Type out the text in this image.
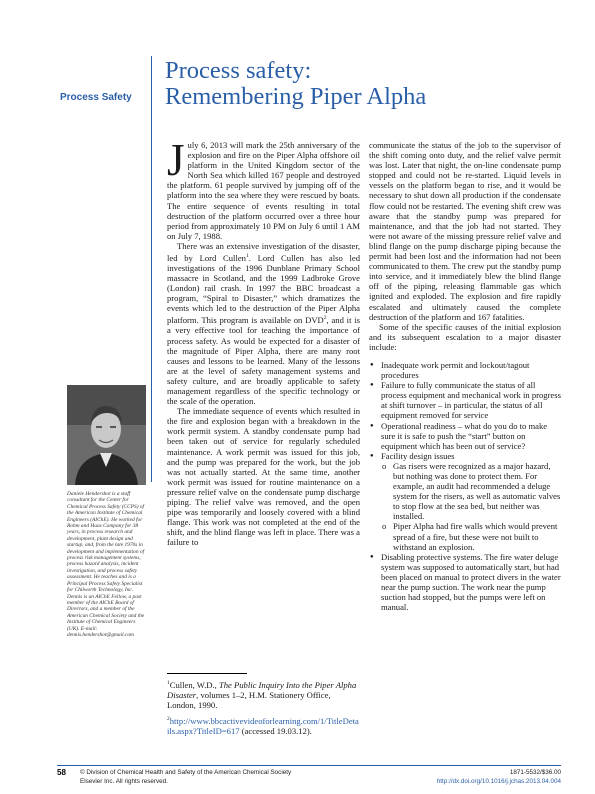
Process Safety
Process safety:
Remembering Piper Alpha

Daniele Hendershot is a staff consultant for the Center for Chemical Process Safety (CCPS) of the American Institute of Chemical Engineers (AIChE). He worked for Rohm and Haas Company for 38 years, in process research and development, plant design and startup, and, from the late 1970s in development and implementation of process risk management systems, process hazard analysis, incident investigation, and process safety assessment. He teaches and is a Principal Process Safety Specialist for Chilworth Technology, Inc. Dennis is an AIChE Fellow, a past member of the AIChE Board of Directors, and a member of the American Chemical Society and the Institute of Chemical Engineers (UK). E-mail: dennis.hendershot@gmail.com

July 6, 2013 will mark the 25th anniversary of the explosion and fire on the Piper Alpha offshore oil platform in the United Kingdom sector of the North Sea which killed 167 people and destroyed the platform. 61 people survived by jumping off of the platform into the sea where they were rescued by boats. The entire sequence of events resulting in total destruction of the platform occurred over a three hour period from approximately 10 PM on July 6 until 1 AM on July 7, 1988.

There was an extensive investigation of the disaster, led by Lord Cullen$^1$. Lord Cullen has also led investigations of the 1996 Dunblane Primary School massacre in Scotland, and the 1999 Ladbroke Grove (London) rail crash. In 1997 the BBC broadcast a program, “Spiral to Disaster,” which dramatizes the events which led to the destruction of the Piper Alpha platform. This program is available on DVD$^2$, and it is a very effective tool for teaching the importance of process safety. As would be expected for a disaster of the magnitude of Piper Alpha, there are many root causes and lessons to be learned. Many of the lessons are at the level of safety management systems and safety culture, and are broadly applicable to safety management regardless of the specific technology or the scale of the operation.

The immediate sequence of events which resulted in the fire and explosion began with a breakdown in the work permit system. A standby condensate pump had been taken out of service for regularly scheduled maintenance. A work permit was issued for this job, and the pump was prepared for the work, but the job was not actually started. At the same time, another work permit was issued for routine maintenance on a pressure relief valve on the condensate pump discharge piping. The relief valve was removed, and the open pipe was temporarily and loosely covered with a blind flange. This work was not completed at the end of the shift, and the blind flange was left in place. There was a failure to

communicate the status of the job to the supervisor of the shift coming onto duty, and the relief valve permit was lost. Later that night, the on-line condensate pump stopped and could not be re-started. Liquid levels in vessels on the platform began to rise, and it would be necessary to shut down all production if the condensate flow could not be restarted. The evening shift crew was aware that the standby pump was prepared for maintenance, and that the job had not started. They were not aware of the missing pressure relief valve and blind flange on the pump discharge piping because the permit had been lost and the information had not been communicated to them. The crew put the standby pump into service, and it immediately blew the blind flange off of the piping, releasing flammable gas which ignited and exploded. The explosion and fire rapidly escalated and ultimately caused the complete destruction of the platform and 167 fatalities.

Some of the specific causes of the initial explosion and its subsequent escalation to a major disaster include:

● Inadequate work permit and lockout/tagout procedures
● Failure to fully communicate the status of all process equipment and mechanical work in progress at shift turnover – in particular, the status of all equipment removed for service
● Operational readiness – what do you do to make sure it is safe to push the “start” button on equipment which has been out of service?
● Facility design issues
o Gas risers were recognized as a major hazard, but nothing was done to protect them. For example, an audit had recommended a deluge system for the risers, as well as automatic valves to stop flow at the sea bed, but neither was installed.
o Piper Alpha had fire walls which would prevent spread of a fire, but these were not built to withstand an explosion.
● Disabling protective systems. The fire water deluge system was supposed to automatically start, but had been placed on manual to protect divers in the water near the pump suction. The work near the pump suction had stopped, but the pumps were left on manual.

$^1$Cullen, W.D., The Public Inquiry Into the Piper Alpha Disaster, volumes 1–2, H.M. Stationery Office, London, 1990.

$^2$http://www.bbcactivevideoforlearning.com/1/TitleDetails.aspx?TitleID=617 (accessed 19.03.12).

58 © Division of Chemical Health and Safety of the American Chemical Society
Elsevier Inc. All rights reserved.
1871-5532/$36.00
http://dx.doi.org/10.1016/j.jchas.2013.04.004
